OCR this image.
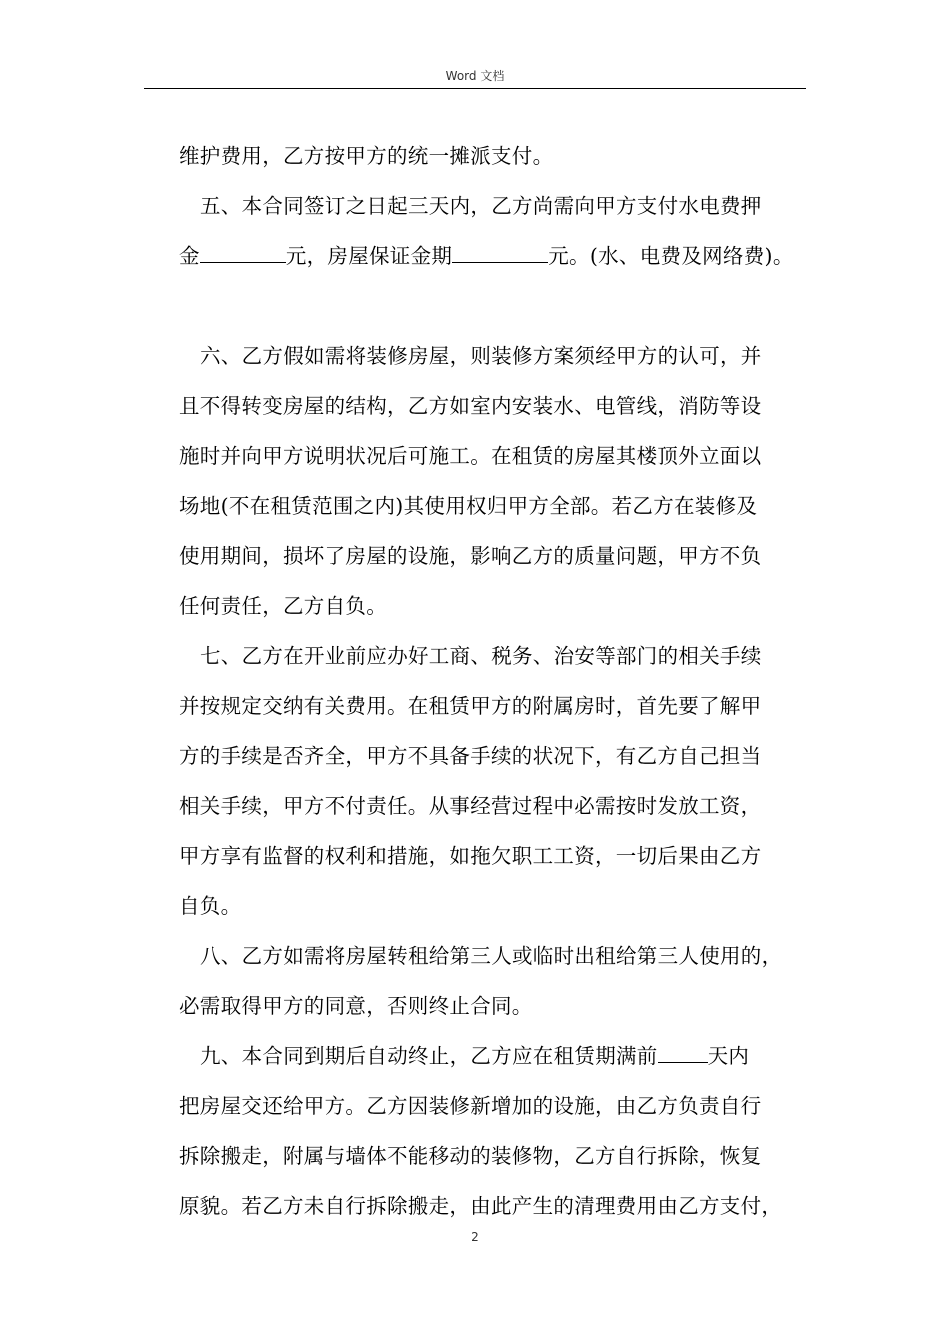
Word 文档
维护费用，乙方按甲方的统一摊派支付。
五、本合同签订之日起三天内，乙方尚需向甲方支付水电费押
金	元，房屋保证金期	元。(水、电费及网络费)。
六、乙方假如需将装修房屋，则装修方案须经甲方的认可，并
且不得转变房屋的结构，乙方如室内安装水、电管线，消防等设
施时并向甲方说明状况后可施工。在租赁的房屋其楼顶外立面以
场地(不在租赁范围之内)其使用权归甲方全部。若乙方在装修及
使用期间，损坏了房屋的设施，影响乙方的质量问题，甲方不负
任何责任，乙方自负。
七、乙方在开业前应办好工商、税务、治安等部门的相关手续
并按规定交纳有关费用。在租赁甲方的附属房时，首先要了解甲
方的手续是否齐全，甲方不具备手续的状况下，有乙方自己担当
相关手续，甲方不付责任。从事经营过程中必需按时发放工资，
甲方享有监督的权利和措施，如拖欠职工工资，一切后果由乙方
自负。
八、乙方如需将房屋转租给第三人或临时出租给第三人使用的，
必需取得甲方的同意，否则终止合同。
九、本合同到期后自动终止，乙方应在租赁期满前 天内
把房屋交还给甲方。乙方因装修新增加的设施，由乙方负责自行
拆除搬走，附属与墙体不能移动的装修物，乙方自行拆除，恢复
原貌。若乙方未自行拆除搬走，由此产生的清理费用由乙方支付，
2
